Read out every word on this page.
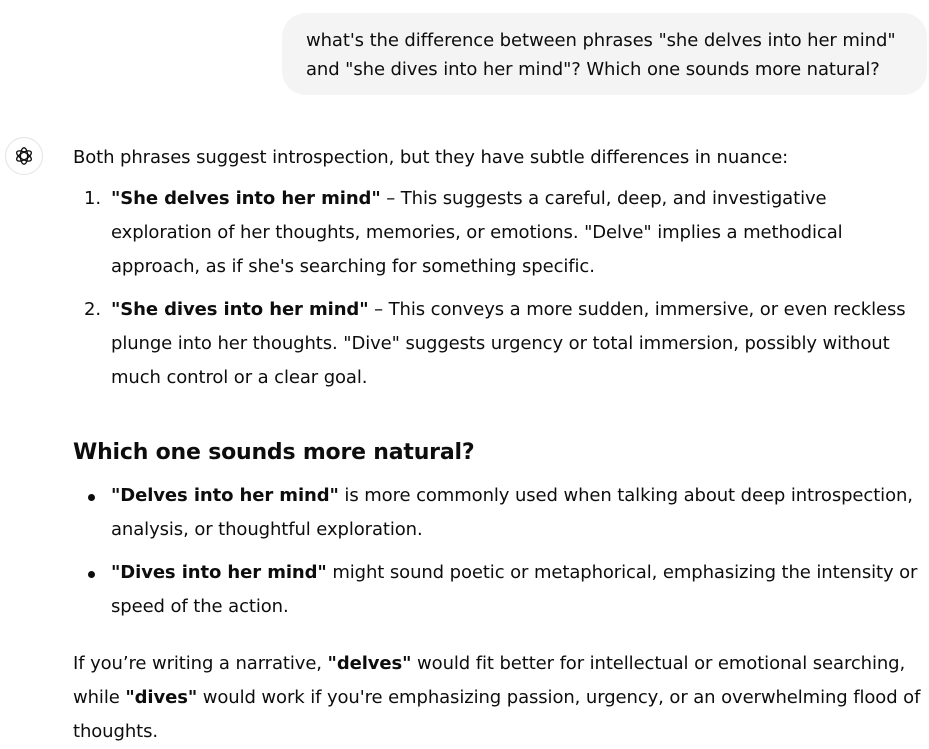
what's the difference between phrases "she delves into her mind" and "she dives into her mind"? Which one sounds more natural?

Both phrases suggest introspection, but they have subtle differences in nuance:

1. "She delves into her mind" – This suggests a careful, deep, and investigative exploration of her thoughts, memories, or emotions. "Delve" implies a methodical approach, as if she's searching for something specific.
2. "She dives into her mind" – This conveys a more sudden, immersive, or even reckless plunge into her thoughts. "Dive" suggests urgency or total immersion, possibly without much control or a clear goal.
Which one sounds more natural?
"Delves into her mind" is more commonly used when talking about deep introspection, analysis, or thoughtful exploration.
"Dives into her mind" might sound poetic or metaphorical, emphasizing the intensity or speed of the action.

If you’re writing a narrative, "delves" would fit better for intellectual or emotional searching, while "dives" would work if you're emphasizing passion, urgency, or an overwhelming flood of thoughts.
